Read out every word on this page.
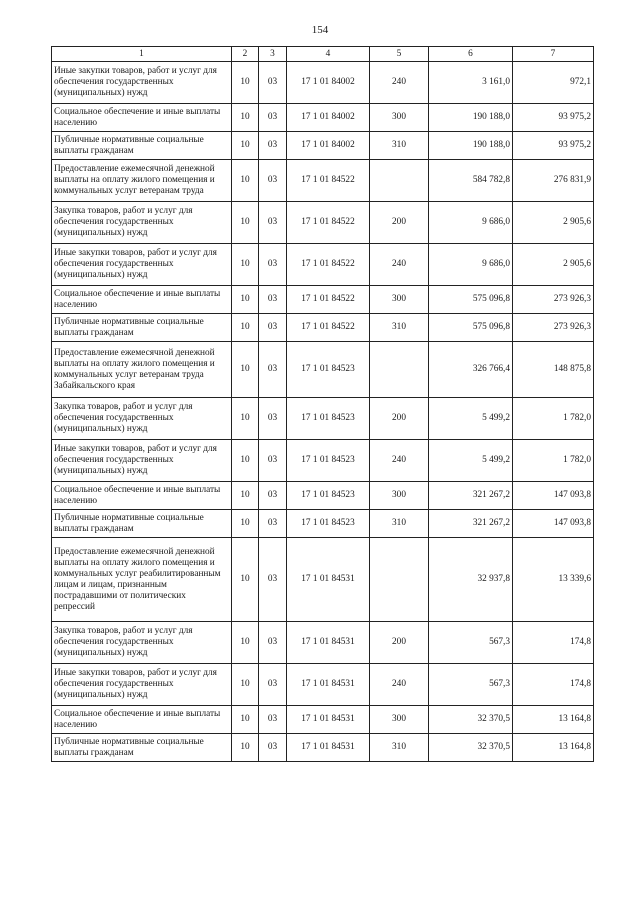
154
1	2	3	4	5	6	7
Иные закупки товаров, работ и услуг для обеспечения государственных (муниципальных) нужд	10	03	17 1 01 84002	240	3 161,0	972,1
Социальное обеспечение и иные выплаты населению	10	03	17 1 01 84002	300	190 188,0	93 975,2
Публичные нормативные социальные выплаты гражданам	10	03	17 1 01 84002	310	190 188,0	93 975,2
Предоставление ежемесячной денежной выплаты на оплату жилого помещения и коммунальных услуг ветеранам труда	10	03	17 1 01 84522		584 782,8	276 831,9
Закупка товаров, работ и услуг для обеспечения государственных (муниципальных) нужд	10	03	17 1 01 84522	200	9 686,0	2 905,6
Иные закупки товаров, работ и услуг для обеспечения государственных (муниципальных) нужд	10	03	17 1 01 84522	240	9 686,0	2 905,6
Социальное обеспечение и иные выплаты населению	10	03	17 1 01 84522	300	575 096,8	273 926,3
Публичные нормативные социальные выплаты гражданам	10	03	17 1 01 84522	310	575 096,8	273 926,3
Предоставление ежемесячной денежной выплаты на оплату жилого помещения и коммунальных услуг ветеранам труда Забайкальского края	10	03	17 1 01 84523		326 766,4	148 875,8
Закупка товаров, работ и услуг для обеспечения государственных (муниципальных) нужд	10	03	17 1 01 84523	200	5 499,2	1 782,0
Иные закупки товаров, работ и услуг для обеспечения государственных (муниципальных) нужд	10	03	17 1 01 84523	240	5 499,2	1 782,0
Социальное обеспечение и иные выплаты населению	10	03	17 1 01 84523	300	321 267,2	147 093,8
Публичные нормативные социальные выплаты гражданам	10	03	17 1 01 84523	310	321 267,2	147 093,8
Предоставление ежемесячной денежной выплаты на оплату жилого помещения и коммунальных услуг реабилитированным лицам и лицам, признанным пострадавшими от политических репрессий	10	03	17 1 01 84531		32 937,8	13 339,6
Закупка товаров, работ и услуг для обеспечения государственных (муниципальных) нужд	10	03	17 1 01 84531	200	567,3	174,8
Иные закупки товаров, работ и услуг для обеспечения государственных (муниципальных) нужд	10	03	17 1 01 84531	240	567,3	174,8
Социальное обеспечение и иные выплаты населению	10	03	17 1 01 84531	300	32 370,5	13 164,8
Публичные нормативные социальные выплаты гражданам	10	03	17 1 01 84531	310	32 370,5	13 164,8
